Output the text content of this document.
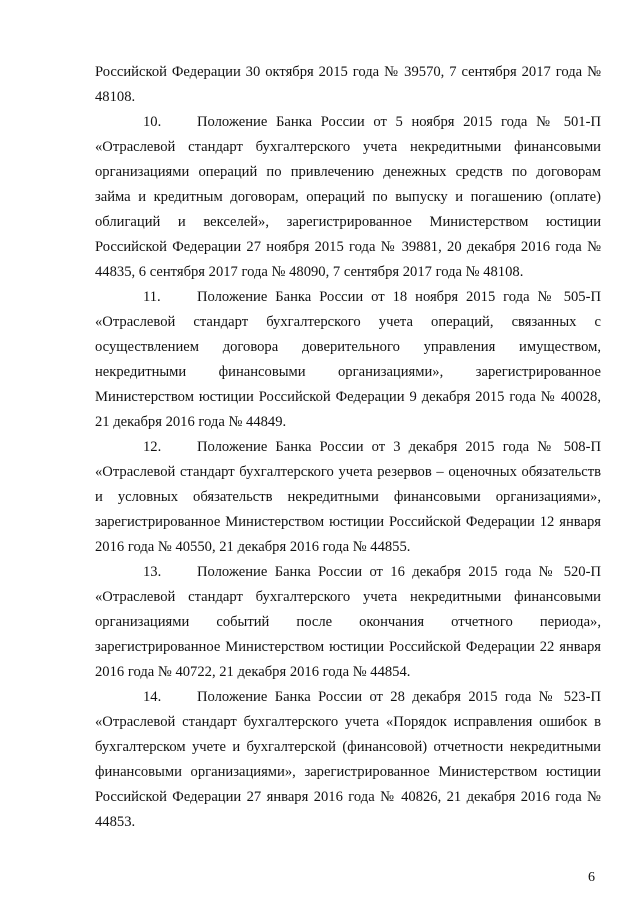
Российской Федерации 30 октября 2015 года № 39570, 7 сентября 2017 года № 48108.

10. Положение Банка России от 5 ноября 2015 года № 501-П «Отраслевой стандарт бухгалтерского учета некредитными финансовыми организациями операций по привлечению денежных средств по договорам займа и кредитным договорам, операций по выпуску и погашению (оплате) облигаций и векселей», зарегистрированное Министерством юстиции Российской Федерации 27 ноября 2015 года № 39881, 20 декабря 2016 года № 44835, 6 сентября 2017 года № 48090, 7 сентября 2017 года № 48108.

11. Положение Банка России от 18 ноября 2015 года № 505-П «Отраслевой стандарт бухгалтерского учета операций, связанных с осуществлением договора доверительного управления имуществом, некредитными финансовыми организациями», зарегистрированное Министерством юстиции Российской Федерации 9 декабря 2015 года № 40028, 21 декабря 2016 года № 44849.

12. Положение Банка России от 3 декабря 2015 года № 508-П «Отраслевой стандарт бухгалтерского учета резервов – оценочных обязательств и условных обязательств некредитными финансовыми организациями», зарегистрированное Министерством юстиции Российской Федерации 12 января 2016 года № 40550, 21 декабря 2016 года № 44855.

13. Положение Банка России от 16 декабря 2015 года № 520-П «Отраслевой стандарт бухгалтерского учета некредитными финансовыми организациями событий после окончания отчетного периода», зарегистрированное Министерством юстиции Российской Федерации 22 января 2016 года № 40722, 21 декабря 2016 года № 44854.

14. Положение Банка России от 28 декабря 2015 года № 523-П «Отраслевой стандарт бухгалтерского учета «Порядок исправления ошибок в бухгалтерском учете и бухгалтерской (финансовой) отчетности некредитными финансовыми организациями», зарегистрированное Министерством юстиции Российской Федерации 27 января 2016 года № 40826, 21 декабря 2016 года № 44853.

6
